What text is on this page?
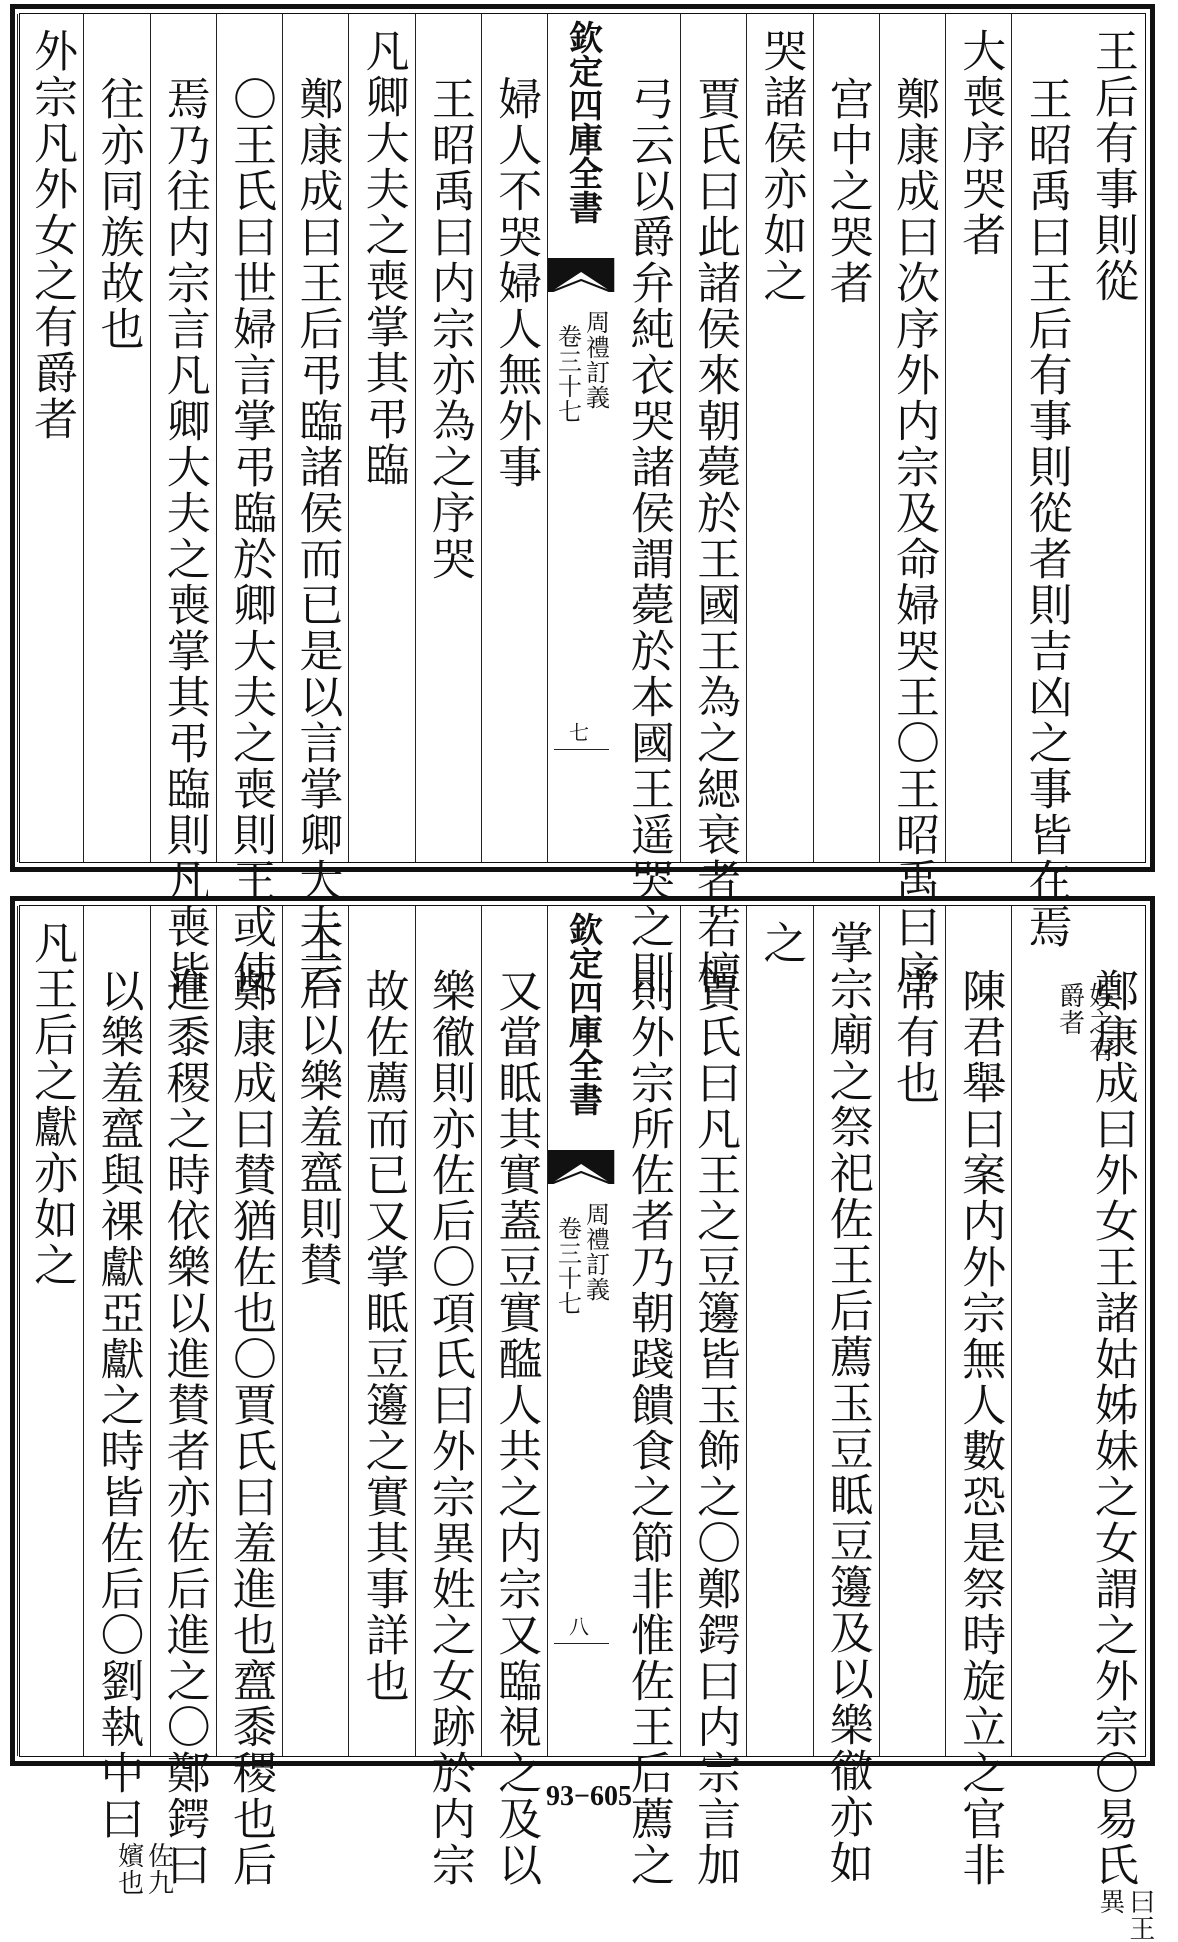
王后有事則從
王昭禹曰王后有事則從者則吉凶之事皆在焉
大喪序哭者
鄭康成曰次序外内宗及命婦哭王〇王昭禹曰序
宫中之哭者
哭諸侯亦如之
賈氏曰此諸侯來朝薨於王國王為之緦衰者若檀
弓云以爵弁純衣哭諸侯謂薨於本國王遥哭之則
欽定四庫全書
周禮訂義
卷三十七
七
婦人不哭婦人無外事
王昭禹曰内宗亦為之序哭
凡卿大夫之喪掌其弔臨
鄭康成曰王后弔臨諸侯而已是以言掌卿大夫云
〇王氏曰世婦言掌弔臨於卿大夫之喪則王或使
焉乃往内宗言凡卿大夫之喪掌其弔臨則凡喪皆
往亦同族故也
外宗凡外女之有爵者
鄭康成曰外女王諸姑姊妹之女謂之外宗〇易氏
曰王
異
姓之有
爵者
陳君舉曰案内外宗無人數恐是祭時旋立之官非
常有也
掌宗廟之祭祀佐王后薦玉豆眡豆籩及以樂徹亦如
之
賈氏曰凡王之豆籩皆玉飾之〇鄭鍔曰内宗言加
則外宗所佐者乃朝踐饋食之節非惟佐王后薦之
欽定四庫全書
周禮訂義
卷三十七
八
又當眡其實蓋豆實醓人共之内宗又臨視之及以
樂徹則亦佐后〇項氏曰外宗異姓之女跡於内宗
故佐薦而已又掌眡豆籩之實其事詳也
王后以樂羞齍則賛
鄭康成曰賛猶佐也〇賈氏曰羞進也齍黍稷也后
進黍稷之時依樂以進賛者亦佐后進之〇鄭鍔曰
以樂羞齍與祼獻亞獻之時皆佐后〇劉執中曰
佐九
嬪也
凡王后之獻亦如之
93−605
